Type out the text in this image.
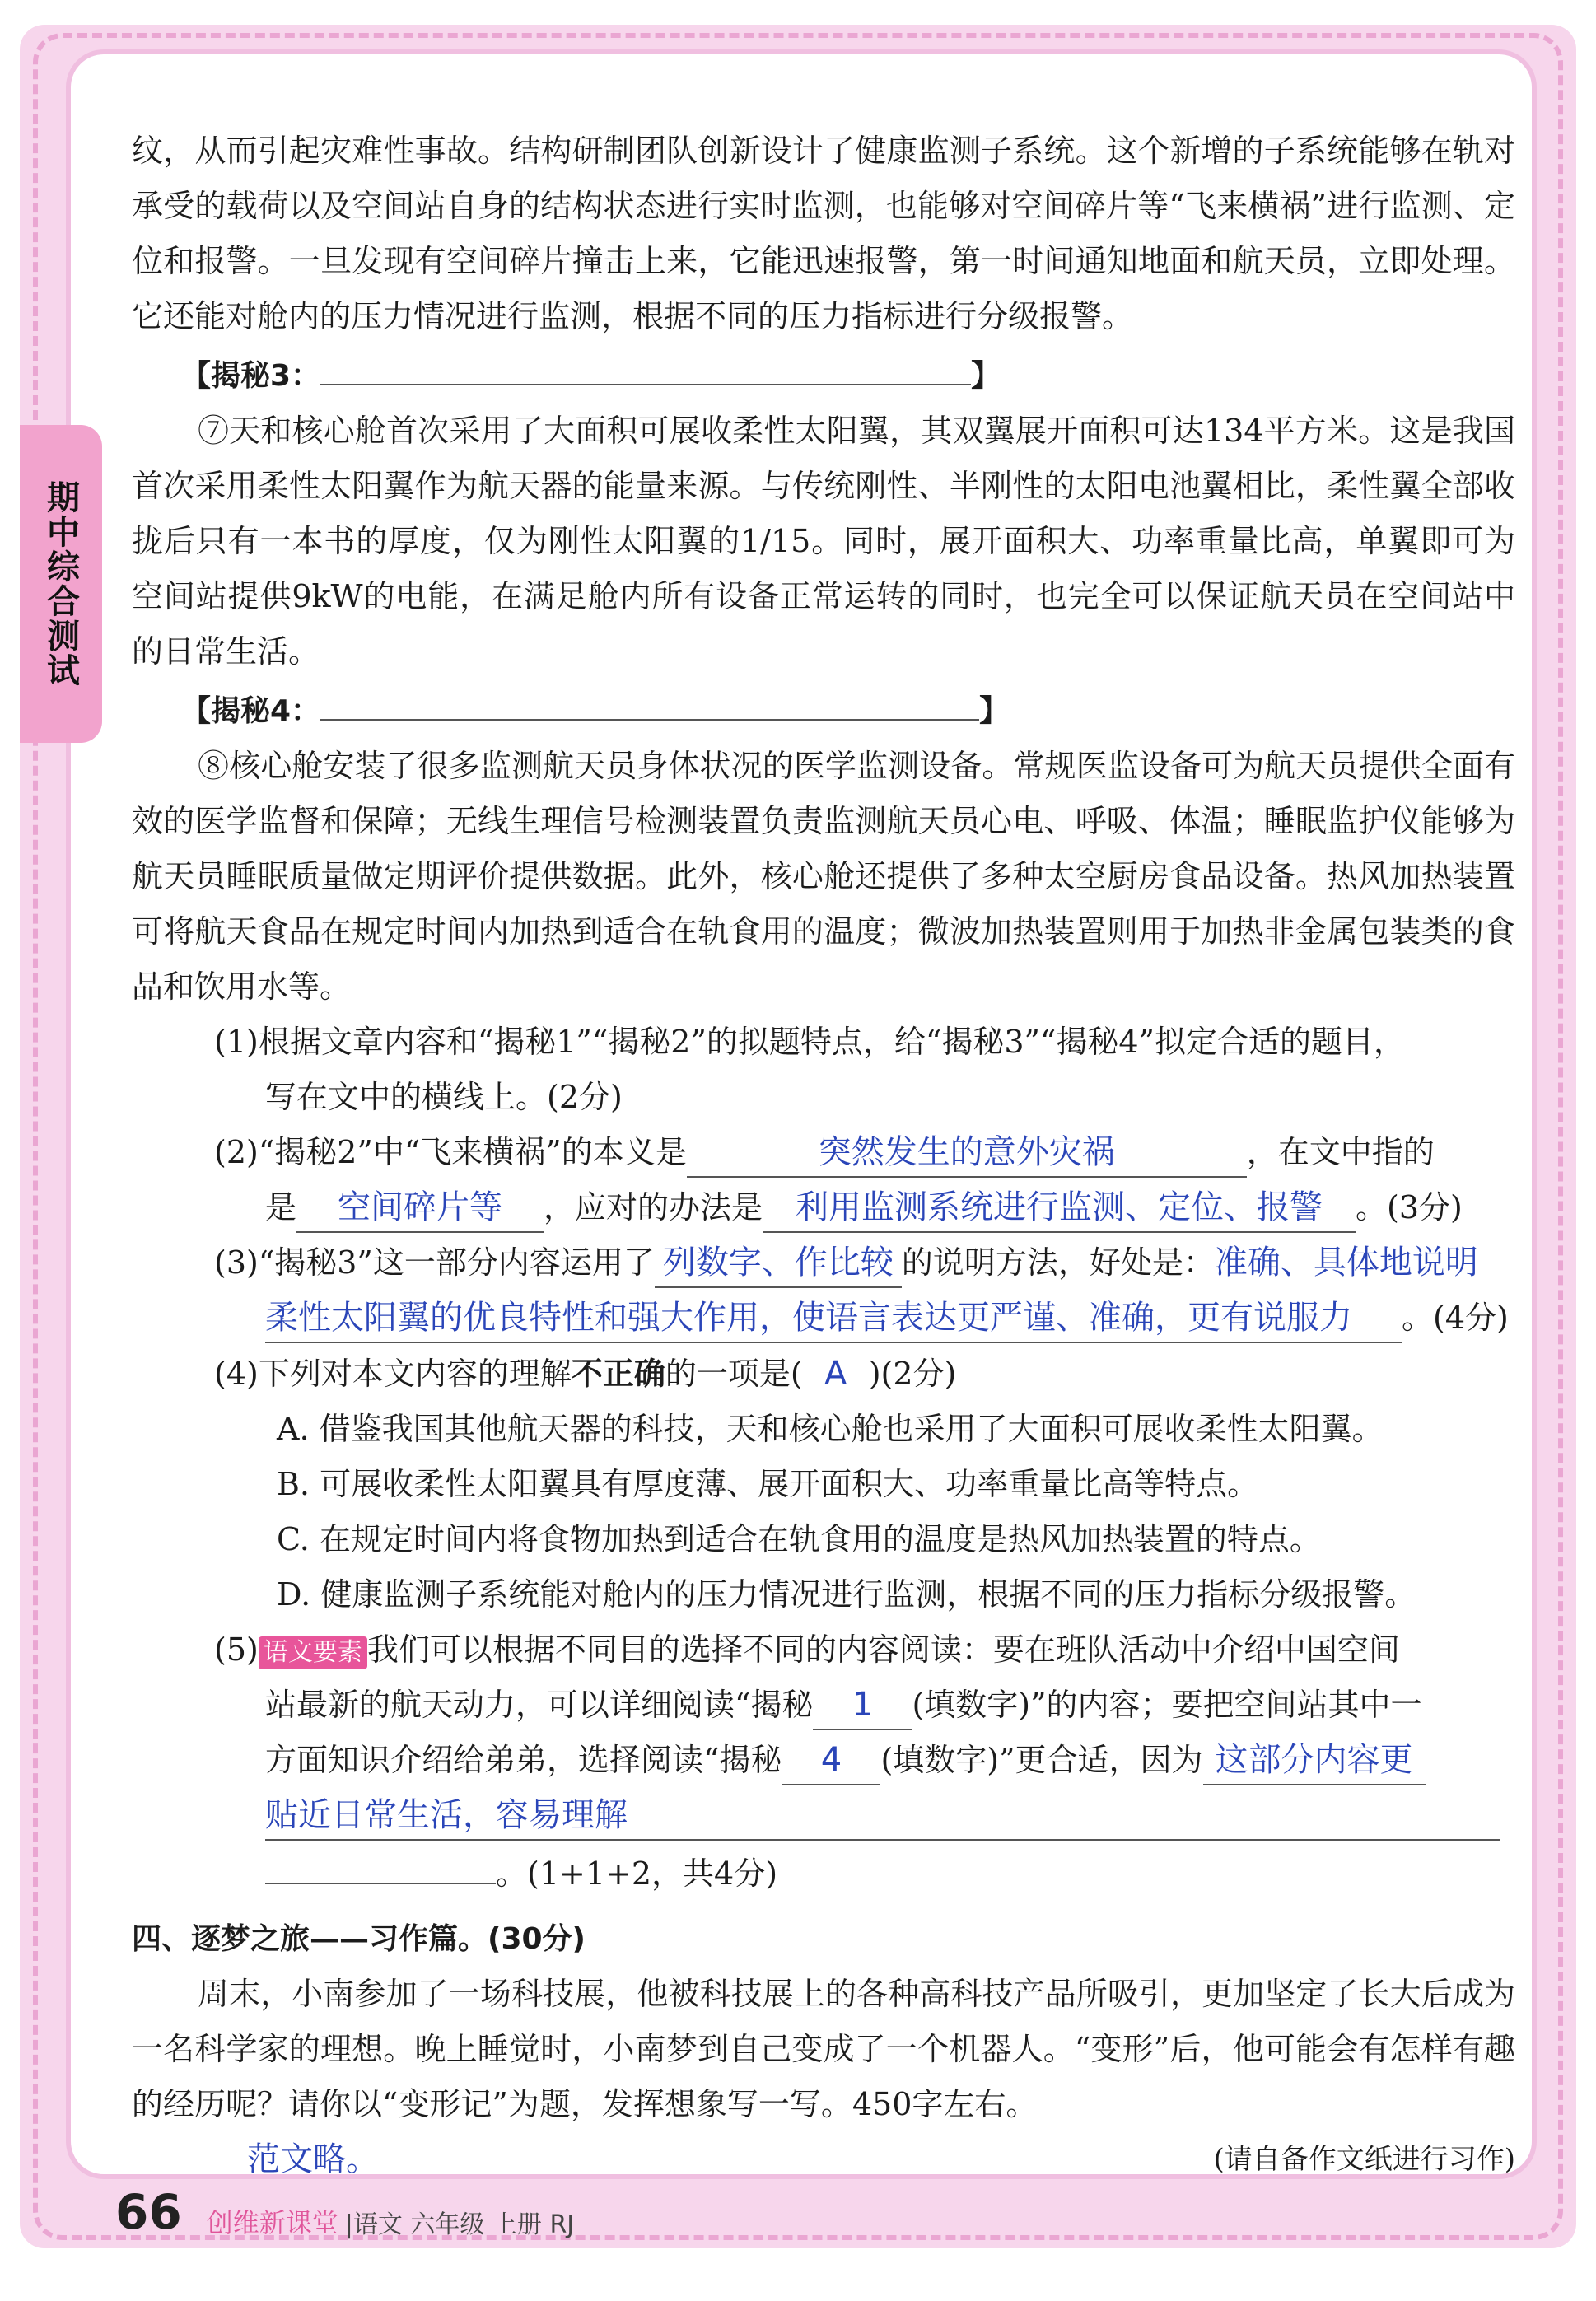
期中综合测试

纹，从而引起灾难性事故。结构研制团队创新设计了健康监测子系统。这个新增的子系统能够在轨对承受的载荷以及空间站自身的结构状态进行实时监测，也能够对空间碎片等“飞来横祸”进行监测、定位和报警。一旦发现有空间碎片撞击上来，它能迅速报警，第一时间通知地面和航天员，立即处理。它还能对舱内的压力情况进行监测，根据不同的压力指标进行分级报警。

【揭秘3：	】

⑦天和核心舱首次采用了大面积可展收柔性太阳翼，其双翼展开面积可达134平方米。这是我国首次采用柔性太阳翼作为航天器的能量来源。与传统刚性、半刚性的太阳电池翼相比，柔性翼全部收拢后只有一本书的厚度，仅为刚性太阳翼的1/15。同时，展开面积大、功率重量比高，单翼即可为空间站提供9kW的电能，在满足舱内所有设备正常运转的同时，也完全可以保证航天员在空间站中的日常生活。

【揭秘4：	】

⑧核心舱安装了很多监测航天员身体状况的医学监测设备。常规医监设备可为航天员提供全面有效的医学监督和保障；无线生理信号检测装置负责监测航天员心电、呼吸、体温；睡眠监护仪能够为航天员睡眠质量做定期评价提供数据。此外，核心舱还提供了多种太空厨房食品设备。热风加热装置可将航天食品在规定时间内加热到适合在轨食用的温度；微波加热装置则用于加热非金属包装类的食品和饮用水等。

(1)根据文章内容和“揭秘1”“揭秘2”的拟题特点，给“揭秘3”“揭秘4”拟定合适的题目，
写在文中的横线上。(2分)

(2)“揭秘2”中“飞来横祸”的本义是	突然发生的意外灾祸	，在文中指的
是 空间碎片等 ，应对的办法是 利用监测系统进行监测、定位、报警 。(3分)

(3)“揭秘3”这一部分内容运用了 列数字、作比较 的说明方法，好处是：准确、具体地说明
柔性太阳翼的优良特性和强大作用，使语言表达更严谨、准确，更有说服力 。(4分)

(4)下列对本文内容的理解不正确的一项是( A )(2分)

A. 借鉴我国其他航天器的科技，天和核心舱也采用了大面积可展收柔性太阳翼。

B. 可展收柔性太阳翼具有厚度薄、展开面积大、功率重量比高等特点。

C. 在规定时间内将食物加热到适合在轨食用的温度是热风加热装置的特点。

D. 健康监测子系统能对舱内的压力情况进行监测，根据不同的压力指标分级报警。

(5) 语文要素 我们可以根据不同目的选择不同的内容阅读：要在班队活动中介绍中国空间
站最新的航天动力，可以详细阅读“揭秘 1 (填数字)”的内容；要把空间站其中一
方面知识介绍给弟弟，选择阅读“揭秘 4 (填数字)”更合适，因为 这部分内容更
贴近日常生活，容易理解
。(1+1+2，共4分)

四、逐梦之旅——习作篇。(30分)

周末，小南参加了一场科技展，他被科技展上的各种高科技产品所吸引，更加坚定了长大后成为一名科学家的理想。晚上睡觉时，小南梦到自己变成了一个机器人。“变形”后，他可能会有怎样有趣的经历呢？请你以“变形记”为题，发挥想象写一写。450字左右。

范文略。	(请自备作文纸进行习作)

66 创维新课堂 |语文 六年级 上册 RJ
